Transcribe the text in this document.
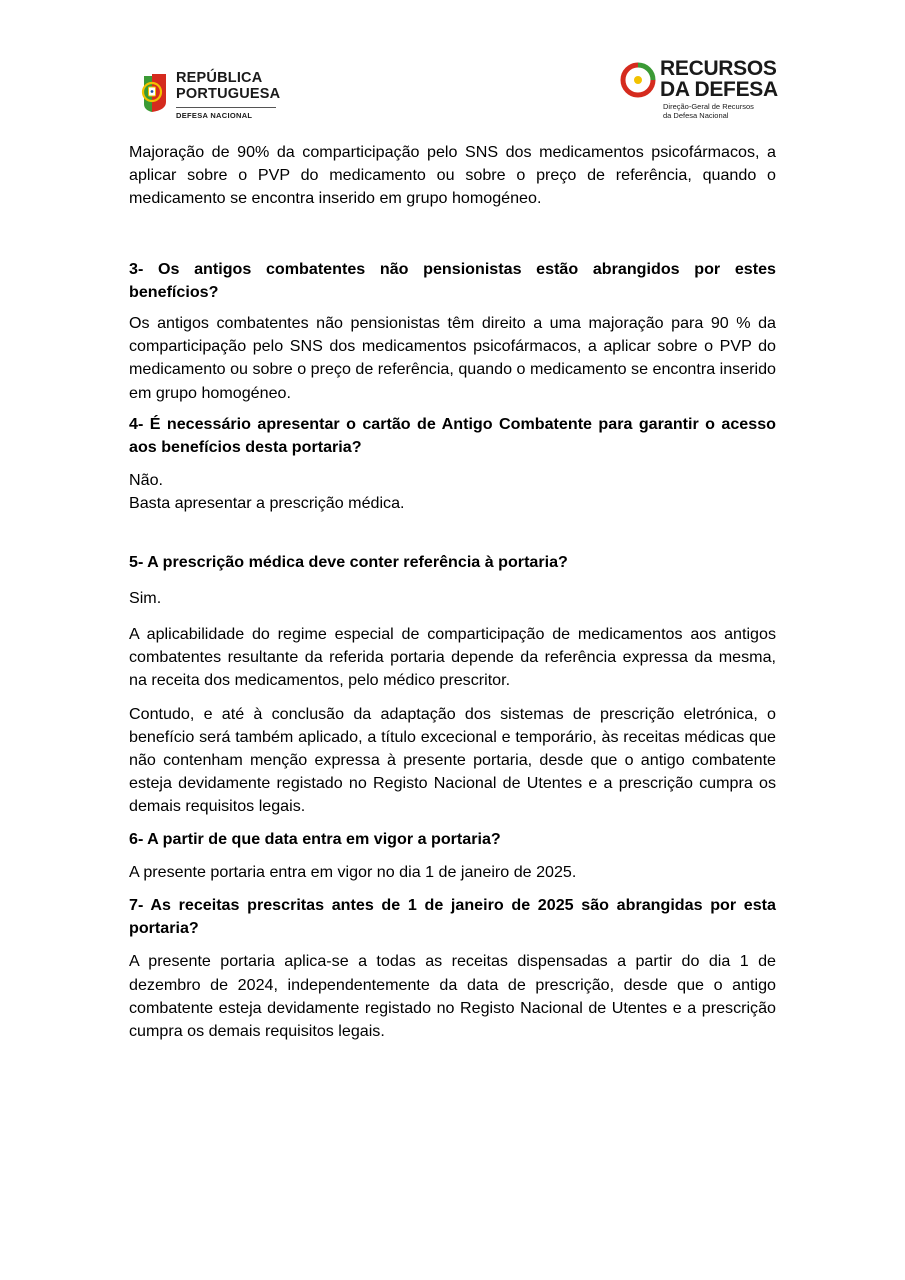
REPÚBLICA
PORTUGUESA
DEFESA NACIONAL
RECURSOS
DA DEFESA
Direção-Geral de Recursos
da Defesa Nacional

Majoração de 90% da comparticipação pelo SNS dos medicamentos psicofármacos, a aplicar sobre o PVP do medicamento ou sobre o preço de referência, quando o medicamento se encontra inserido em grupo homogéneo.

3- Os antigos combatentes não pensionistas estão abrangidos por estes benefícios?

Os antigos combatentes não pensionistas têm direito a uma majoração para 90 % da comparticipação pelo SNS dos medicamentos psicofármacos, a aplicar sobre o PVP do medicamento ou sobre o preço de referência, quando o medicamento se encontra inserido em grupo homogéneo.

4- É necessário apresentar o cartão de Antigo Combatente para garantir o acesso aos benefícios desta portaria?

Não.

Basta apresentar a prescrição médica.

5- A prescrição médica deve conter referência à portaria?

Sim.

A aplicabilidade do regime especial de comparticipação de medicamentos aos antigos combatentes resultante da referida portaria depende da referência expressa da mesma, na receita dos medicamentos, pelo médico prescritor.

Contudo, e até à conclusão da adaptação dos sistemas de prescrição eletrónica, o benefício será também aplicado, a título excecional e temporário, às receitas médicas que não contenham menção expressa à presente portaria, desde que o antigo combatente esteja devidamente registado no Registo Nacional de Utentes e a prescrição cumpra os demais requisitos legais.

6- A partir de que data entra em vigor a portaria?

A presente portaria entra em vigor no dia 1 de janeiro de 2025.

7- As receitas prescritas antes de 1 de janeiro de 2025 são abrangidas por esta portaria?

A presente portaria aplica-se a todas as receitas dispensadas a partir do dia 1 de dezembro de 2024, independentemente da data de prescrição, desde que o antigo combatente esteja devidamente registado no Registo Nacional de Utentes e a prescrição cumpra os demais requisitos legais.
